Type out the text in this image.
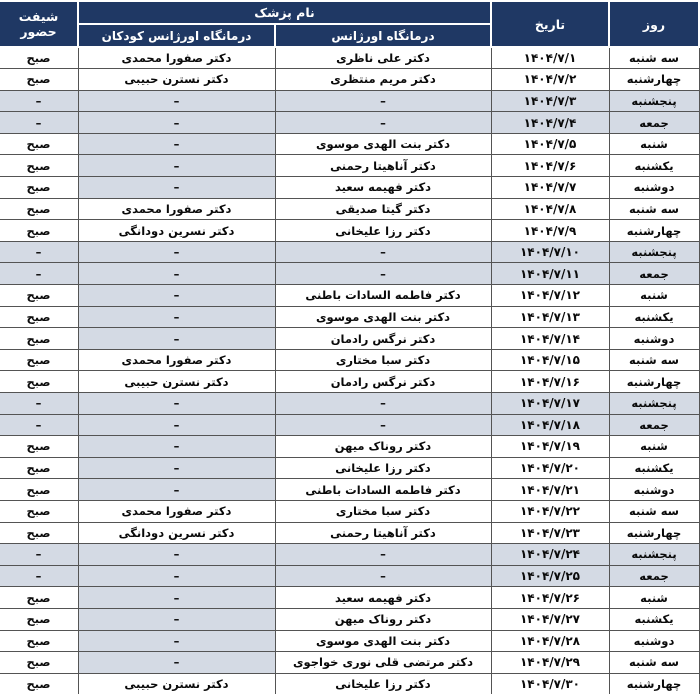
روز	تاریخ	نام پزشک		شیفت حضور
		درمانگاه اورژانس	درمانگاه اورژانس کودکان	
سه شنبه	۱۴۰۴/۷/۱	دکتر علی ناظری	دکتر صفورا محمدی	صبح
چهارشنبه	۱۴۰۴/۷/۲	دکتر مریم منتظری	دکتر نسترن حبیبی	صبح
پنجشنبه	۱۴۰۴/۷/۳	–	–	–
جمعه	۱۴۰۴/۷/۴	–	–	–
شنبه	۱۴۰۴/۷/۵	دکتر بنت الهدی موسوی	–	صبح
یکشنبه	۱۴۰۴/۷/۶	دکتر آناهیتا رحمنی	–	صبح
دوشنبه	۱۴۰۴/۷/۷	دکتر فهیمه سعید	–	صبح
سه شنبه	۱۴۰۴/۷/۸	دکتر گیتا صدیقی	دکتر صفورا محمدی	صبح
چهارشنبه	۱۴۰۴/۷/۹	دکتر رزا علیخانی	دکتر نسرین دودانگی	صبح
پنجشنبه	۱۴۰۴/۷/۱۰	–	–	–
جمعه	۱۴۰۴/۷/۱۱	–	–	–
شنبه	۱۴۰۴/۷/۱۲	دکتر فاطمه السادات باطنی	–	صبح
یکشنبه	۱۴۰۴/۷/۱۳	دکتر بنت الهدی موسوی	–	صبح
دوشنبه	۱۴۰۴/۷/۱۴	دکتر نرگس رادمان	–	صبح
سه شنبه	۱۴۰۴/۷/۱۵	دکتر سبا مختاری	دکتر صفورا محمدی	صبح
چهارشنبه	۱۴۰۴/۷/۱۶	دکتر نرگس رادمان	دکتر نسترن حبیبی	صبح
پنجشنبه	۱۴۰۴/۷/۱۷	–	–	–
جمعه	۱۴۰۴/۷/۱۸	–	–	–
شنبه	۱۴۰۴/۷/۱۹	دکتر روناک میهن	–	صبح
یکشنبه	۱۴۰۴/۷/۲۰	دکتر رزا علیخانی	–	صبح
دوشنبه	۱۴۰۴/۷/۲۱	دکتر فاطمه السادات باطنی	–	صبح
سه شنبه	۱۴۰۴/۷/۲۲	دکتر سبا مختاری	دکتر صفورا محمدی	صبح
چهارشنبه	۱۴۰۴/۷/۲۳	دکتر آناهیتا رحمنی	دکتر نسرین دودانگی	صبح
پنجشنبه	۱۴۰۴/۷/۲۴	–	–	–
جمعه	۱۴۰۴/۷/۲۵	–	–	–
شنبه	۱۴۰۴/۷/۲۶	دکتر فهیمه سعید	–	صبح
یکشنبه	۱۴۰۴/۷/۲۷	دکتر روناک میهن	–	صبح
دوشنبه	۱۴۰۴/۷/۲۸	دکتر بنت الهدی موسوی	–	صبح
سه شنبه	۱۴۰۴/۷/۲۹	دکتر مرتضی قلی نوری خواجوی	–	صبح
چهارشنبه	۱۴۰۴/۷/۳۰	دکتر رزا علیخانی	دکتر نسترن حبیبی	صبح
